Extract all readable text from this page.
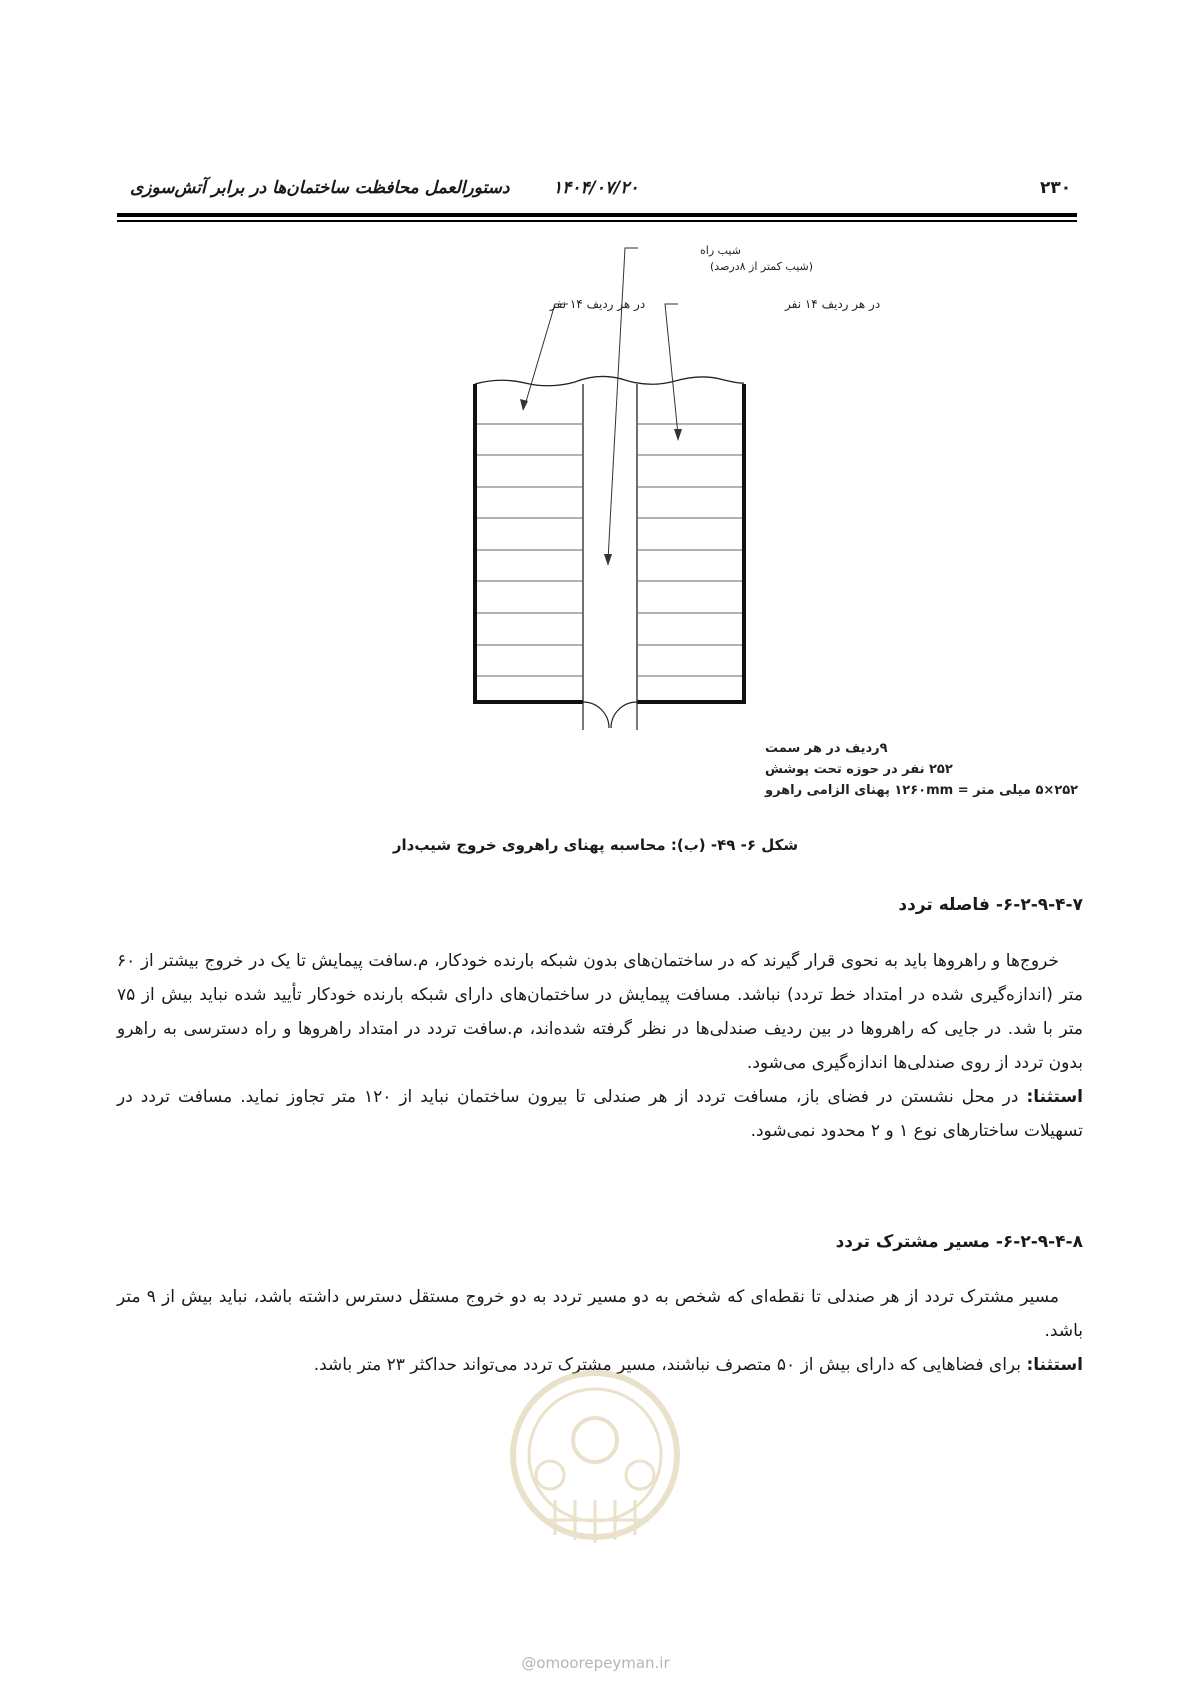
دستورالعمل محافظت ساختمان‌ها در برابر آتش‌سوزی	۱۴۰۴/۰۷/۲۰	۲۳۰
شیب راه
(شیب کمتر از ۸درصد)
در هر ردیف ۱۴ نفر	در هر ردیف ۱۴ نفر
۹ردیف در هر سمت
۲۵۲ نفر در حوزه تحت پوشش
۲۵۲×۵ میلی متر = ۱۲۶۰mm پهنای الزامی راهرو
شکل ۶- ۴۹- (ب): محاسبه پهنای راهروی خروج شیب‌دار
۶-۲-۹-۴-۷- فاصله تردد

خروج‌ها و راهروها باید به نحوی قرار گیرند که در ساختمان‌های بدون شبکه بارنده خودکار، م.سافت پیمایش تا یک در خروج بیشتر از ۶۰ متر (اندازه‌گیری شده در امتداد خط تردد) نباشد. مسافت پیمایش در ساختمان‌های دارای شبکه بارنده خودکار تأیید شده نباید بیش از ۷۵ متر با شد. در جایی که راهروها در بین ردیف صندلی‌ها در نظر گرفته شده‌اند، م.سافت تردد در امتداد راهروها و راه دسترسی به راهرو بدون تردد از روی صندلی‌ها اندازه‌گیری می‌شود.

استثنا: در محل نشستن در فضای باز، مسافت تردد از هر صندلی تا بیرون ساختمان نباید از ۱۲۰ متر تجاوز نماید. مسافت تردد در تسهیلات ساختارهای نوع ۱ و ۲ محدود نمی‌شود.

۶-۲-۹-۴-۸- مسیر مشترک تردد

مسیر مشترک تردد از هر صندلی تا نقطه‌ای که شخص به دو مسیر تردد به دو خروج مستقل دسترس داشته باشد، نباید بیش از ۹ متر باشد.

استثنا: برای فضاهایی که دارای بیش از ۵۰ متصرف نباشند، مسیر مشترک تردد می‌تواند حداکثر ۲۳ متر باشد.

@omoorepeyman.ir
